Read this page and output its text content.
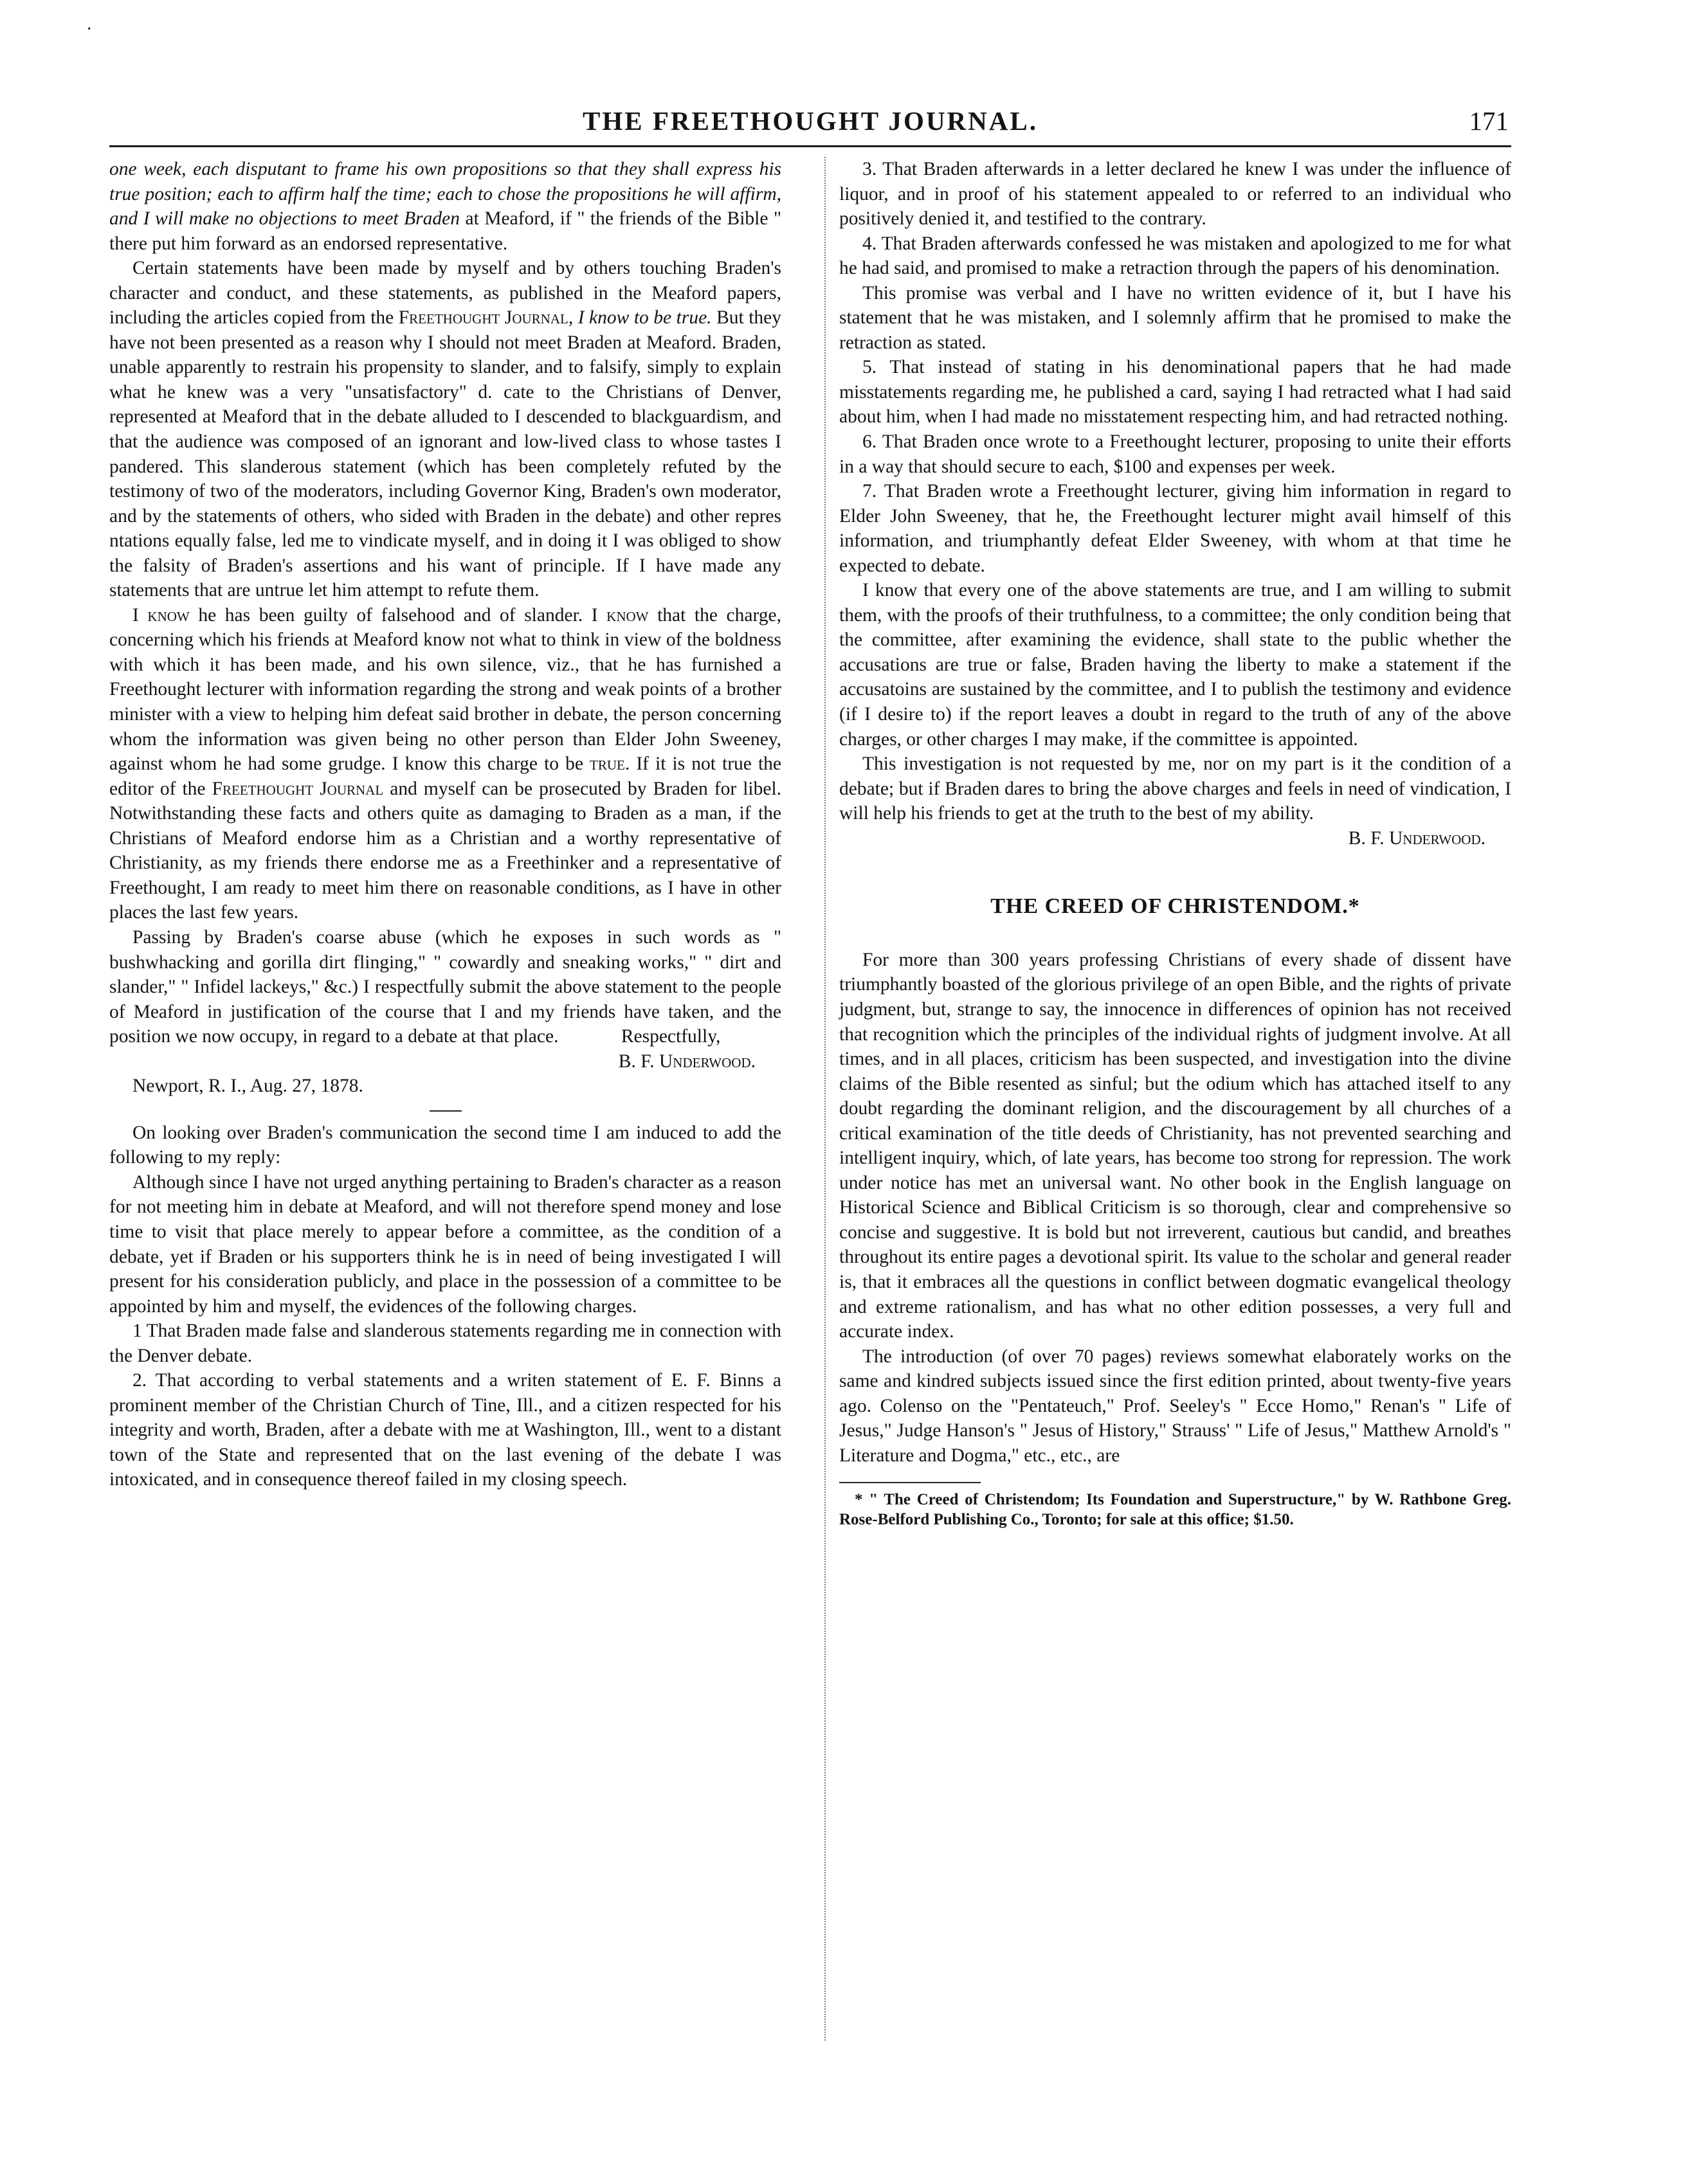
·
THE FREETHOUGHT JOURNAL.	171

one week, each disputant to frame his own propositions so that they shall express his true position; each to affirm half the time; each to chose the propositions he will affirm, and I will make no objections to meet Braden at Meaford, if " the friends of the Bible " there put him forward as an endorsed representative.

Certain statements have been made by myself and by others touching Braden's character and conduct, and these statements, as published in the Meaford papers, including the articles copied from the Freethought Journal, I know to be true. But they have not been presented as a reason why I should not meet Braden at Meaford. Braden, unable apparently to restrain his propensity to slander, and to falsify, simply to explain what he knew was a very "unsatisfactory" d. cate to the Christians of Denver, represented at Meaford that in the debate alluded to I descended to blackguardism, and that the audience was composed of an ignorant and low-lived class to whose tastes I pandered. This slanderous statement (which has been completely refuted by the testimony of two of the moderators, including Governor King, Braden's own moderator, and by the statements of others, who sided with Braden in the debate) and other repres ntations equally false, led me to vindicate myself, and in doing it I was obliged to show the falsity of Braden's assertions and his want of principle. If I have made any statements that are untrue let him attempt to refute them.

I know he has been guilty of falsehood and of slander. I know that the charge, concerning which his friends at Meaford know not what to think in view of the boldness with which it has been made, and his own silence, viz., that he has furnished a Freethought lecturer with information regarding the strong and weak points of a brother minister with a view to helping him defeat said brother in debate, the person concerning whom the information was given being no other person than Elder John Sweeney, against whom he had some grudge. I know this charge to be true. If it is not true the editor of the Freethought Journal and myself can be prosecuted by Braden for libel. Notwithstanding these facts and others quite as damaging to Braden as a man, if the Christians of Meaford endorse him as a Christian and a worthy representative of Christianity, as my friends there endorse me as a Freethinker and a representative of Freethought, I am ready to meet him there on reasonable conditions, as I have in other places the last few years.

Passing by Braden's coarse abuse (which he exposes in such words as " bushwhacking and gorilla dirt flinging," " cowardly and sneaking works," " dirt and slander," " Infidel lackeys," &c.) I respectfully submit the above statement to the people of Meaford in justification of the course that I and my friends have taken, and the position we now occupy, in regard to a debate at that place.	Respectfully,

B. F. Underwood.

Newport, R. I., Aug. 27, 1878.

On looking over Braden's communication the second time I am induced to add the following to my reply:

Although since I have not urged anything pertaining to Braden's character as a reason for not meeting him in debate at Meaford, and will not therefore spend money and lose time to visit that place merely to appear before a committee, as the condition of a debate, yet if Braden or his supporters think he is in need of being investigated I will present for his consideration publicly, and place in the possession of a committee to be appointed by him and myself, the evidences of the following charges.

1 That Braden made false and slanderous statements regarding me in connection with the Denver debate.

2. That according to verbal statements and a writen statement of E. F. Binns a prominent member of the Christian Church of Tine, Ill., and a citizen respected for his integrity and worth, Braden, after a debate with me at Washington, Ill., went to a distant town of the State and represented that on the last evening of the debate I was intoxicated, and in consequence thereof failed in my closing speech.

3. That Braden afterwards in a letter declared he knew I was under the influence of liquor, and in proof of his statement appealed to or referred to an individual who positively denied it, and testified to the contrary.

4. That Braden afterwards confessed he was mistaken and apologized to me for what he had said, and promised to make a retraction through the papers of his denomination.

This promise was verbal and I have no written evidence of it, but I have his statement that he was mistaken, and I solemnly affirm that he promised to make the retraction as stated.

5. That instead of stating in his denominational papers that he had made misstatements regarding me, he published a card, saying I had retracted what I had said about him, when I had made no misstatement respecting him, and had retracted nothing.

6. That Braden once wrote to a Freethought lecturer, proposing to unite their efforts in a way that should secure to each, $100 and expenses per week.

7. That Braden wrote a Freethought lecturer, giving him information in regard to Elder John Sweeney, that he, the Freethought lecturer might avail himself of this information, and triumphantly defeat Elder Sweeney, with whom at that time he expected to debate.

I know that every one of the above statements are true, and I am willing to submit them, with the proofs of their truthfulness, to a committee; the only condition being that the committee, after examining the evidence, shall state to the public whether the accusations are true or false, Braden having the liberty to make a statement if the accusatoins are sustained by the committee, and I to publish the testimony and evidence (if I desire to) if the report leaves a doubt in regard to the truth of any of the above charges, or other charges I may make, if the committee is appointed.

This investigation is not requested by me, nor on my part is it the condition of a debate; but if Braden dares to bring the above charges and feels in need of vindication, I will help his friends to get at the truth to the best of my ability.

B. F. Underwood.

THE CREED OF CHRISTENDOM.*

For more than 300 years professing Christians of every shade of dissent have triumphantly boasted of the glorious privilege of an open Bible, and the rights of private judgment, but, strange to say, the innocence in differences of opinion has not received that recognition which the principles of the individual rights of judgment involve. At all times, and in all places, criticism has been suspected, and investigation into the divine claims of the Bible resented as sinful; but the odium which has attached itself to any doubt regarding the dominant religion, and the discouragement by all churches of a critical examination of the title deeds of Christianity, has not prevented searching and intelligent inquiry, which, of late years, has become too strong for repression. The work under notice has met an universal want. No other book in the English language on Historical Science and Biblical Criticism is so thorough, clear and comprehensive so concise and suggestive. It is bold but not irreverent, cautious but candid, and breathes throughout its entire pages a devotional spirit. Its value to the scholar and general reader is, that it embraces all the questions in conflict between dogmatic evangelical theology and extreme rationalism, and has what no other edition possesses, a very full and accurate index.

The introduction (of over 70 pages) reviews somewhat elaborately works on the same and kindred subjects issued since the first edition printed, about twenty-five years ago. Colenso on the "Pentateuch," Prof. Seeley's " Ecce Homo," Renan's " Life of Jesus," Judge Hanson's " Jesus of History," Strauss' " Life of Jesus," Matthew Arnold's " Literature and Dogma," etc., etc., are

* " The Creed of Christendom; Its Foundation and Superstructure," by W. Rathbone Greg. Rose-Belford Publishing Co., Toronto; for sale at this office; $1.50.
